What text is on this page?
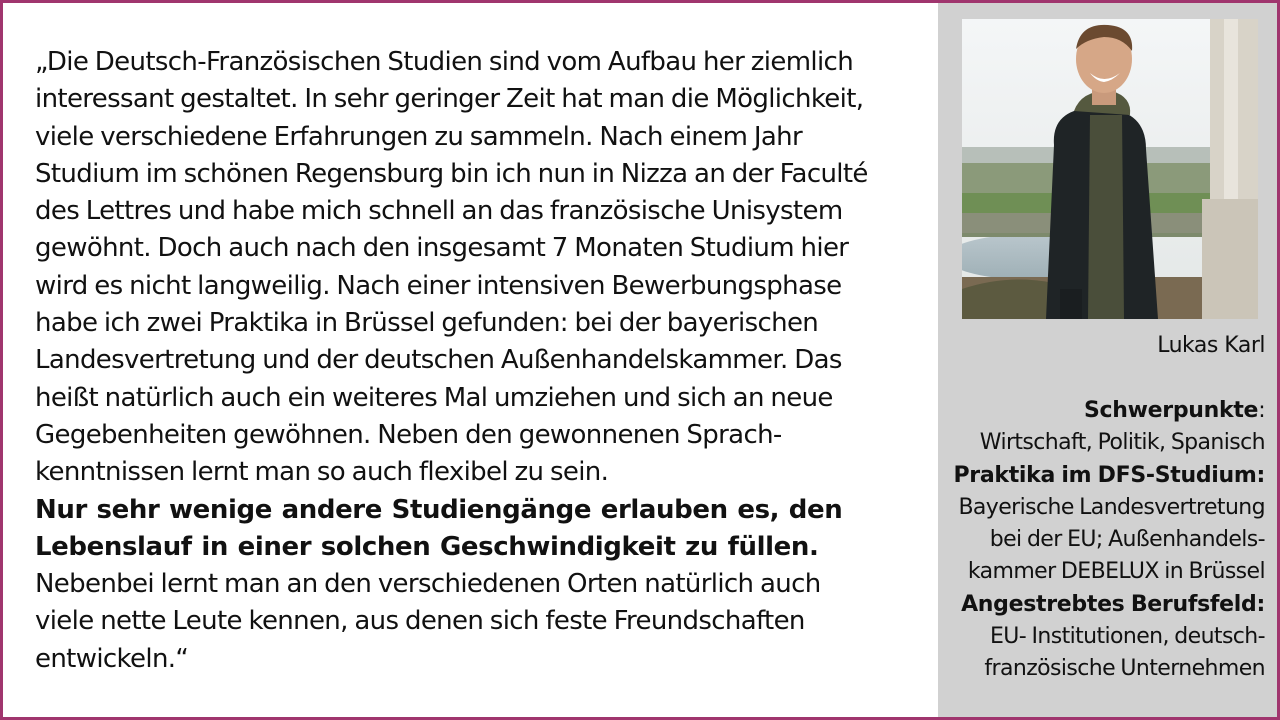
„Die Deutsch-Französischen Studien sind vom Aufbau her ziemlich
interessant gestaltet. In sehr geringer Zeit hat man die Möglichkeit,
viele verschiedene Erfahrungen zu sammeln. Nach einem Jahr
Studium im schönen Regensburg bin ich nun in Nizza an der Faculté
des Lettres und habe mich schnell an das französische Unisystem
gewöhnt. Doch auch nach den insgesamt 7 Monaten Studium hier
wird es nicht langweilig. Nach einer intensiven Bewerbungsphase
habe ich zwei Praktika in Brüssel gefunden: bei der bayerischen
Landesvertretung und der deutschen Außenhandelskammer. Das
heißt natürlich auch ein weiteres Mal umziehen und sich an neue
Gegebenheiten gewöhnen. Neben den gewonnenen Sprach-
kenntnissen lernt man so auch flexibel zu sein.

Nur sehr wenige andere Studiengänge erlauben es, den
Lebenslauf in einer solchen Geschwindigkeit zu füllen.

Nebenbei lernt man an den verschiedenen Orten natürlich auch
viele nette Leute kennen, aus denen sich feste Freundschaften
entwickeln.“

Lukas Karl
Schwerpunkte:
Wirtschaft, Politik, Spanisch
Praktika im DFS-Studium:
Bayerische Landesvertretung
bei der EU; Außenhandels-
kammer DEBELUX in Brüssel
Angestrebtes Berufsfeld:
EU- Institutionen, deutsch-
französische Unternehmen
